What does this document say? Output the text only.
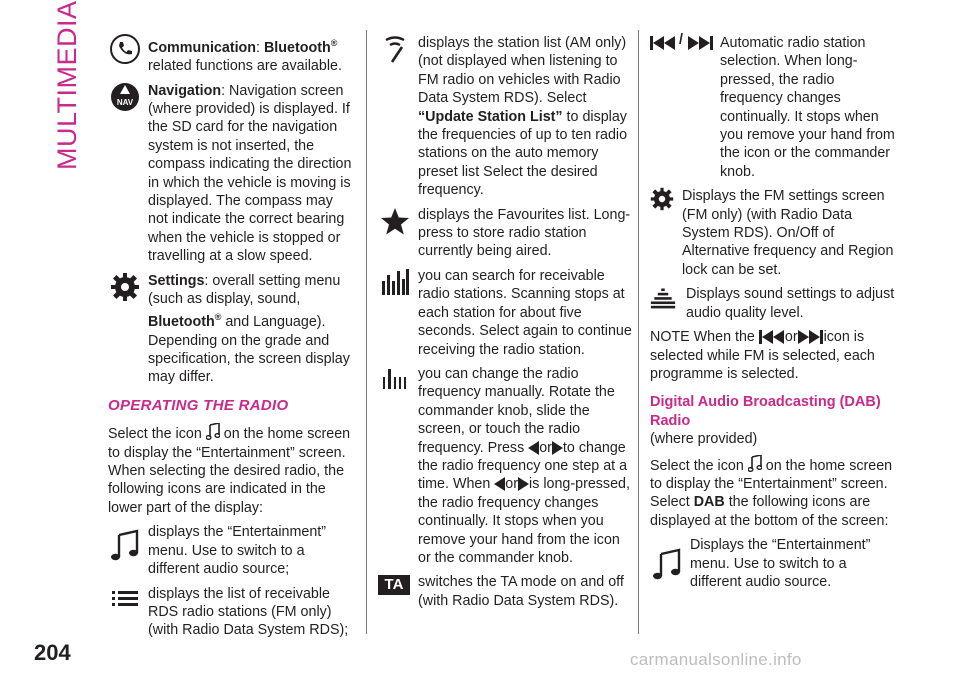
MULTIMEDIA	Communication: Bluetooth® related functions are available.
NAV
Navigation: Navigation screen (where provided) is displayed. If the SD card for the navigation system is not inserted, the compass indicating the direction in which the vehicle is moving is displayed. The compass may not indicate the correct bearing when the vehicle is stopped or travelling at a slow speed.
Settings: overall setting menu (such as display, sound, Bluetooth® and Language). Depending on the grade and specification, the screen display may differ.
OPERATING THE RADIO
Select the icon on the home screen to display the “Entertainment” screen. When selecting the desired radio, the following icons are indicated in the lower part of the display:
displays the “Entertainment” menu. Use to switch to a different audio source;
displays the list of receivable RDS radio stations (FM only) (with Radio Data System RDS);
displays the station list (AM only) (not displayed when listening to FM radio on vehicles with Radio Data System RDS). Select “Update Station List” to display the frequencies of up to ten radio stations on the auto memory preset list Select the desired frequency.
displays the Favourites list. Long-press to store radio station currently being aired.
you can search for receivable radio stations. Scanning stops at each station for about five seconds. Select again to continue receiving the radio station.
you can change the radio frequency manually. Rotate the commander knob, slide the screen, or touch the radio frequency. Press or to change the radio frequency one step at a time. When or is long-pressed, the radio frequency changes continually. It stops when you remove your hand from the icon or the commander knob.
TA	switches the TA mode on and off (with Radio Data System RDS).
/	Automatic radio station selection. When long-pressed, the radio frequency changes continually. It stops when you remove your hand from the icon or the commander knob.
Displays the FM settings screen (FM only) (with Radio Data System RDS). On/Off of Alternative frequency and Region lock can be set.
Displays sound settings to adjust audio quality level.
NOTE When the or icon is selected while FM is selected, each programme is selected.
Digital Audio Broadcasting (DAB) Radio
(where provided)
Select the icon on the home screen to display the “Entertainment” screen. Select DAB the following icons are displayed at the bottom of the screen:
Displays the “Entertainment” menu. Use to switch to a different audio source.
204	carmanualsonline.info
